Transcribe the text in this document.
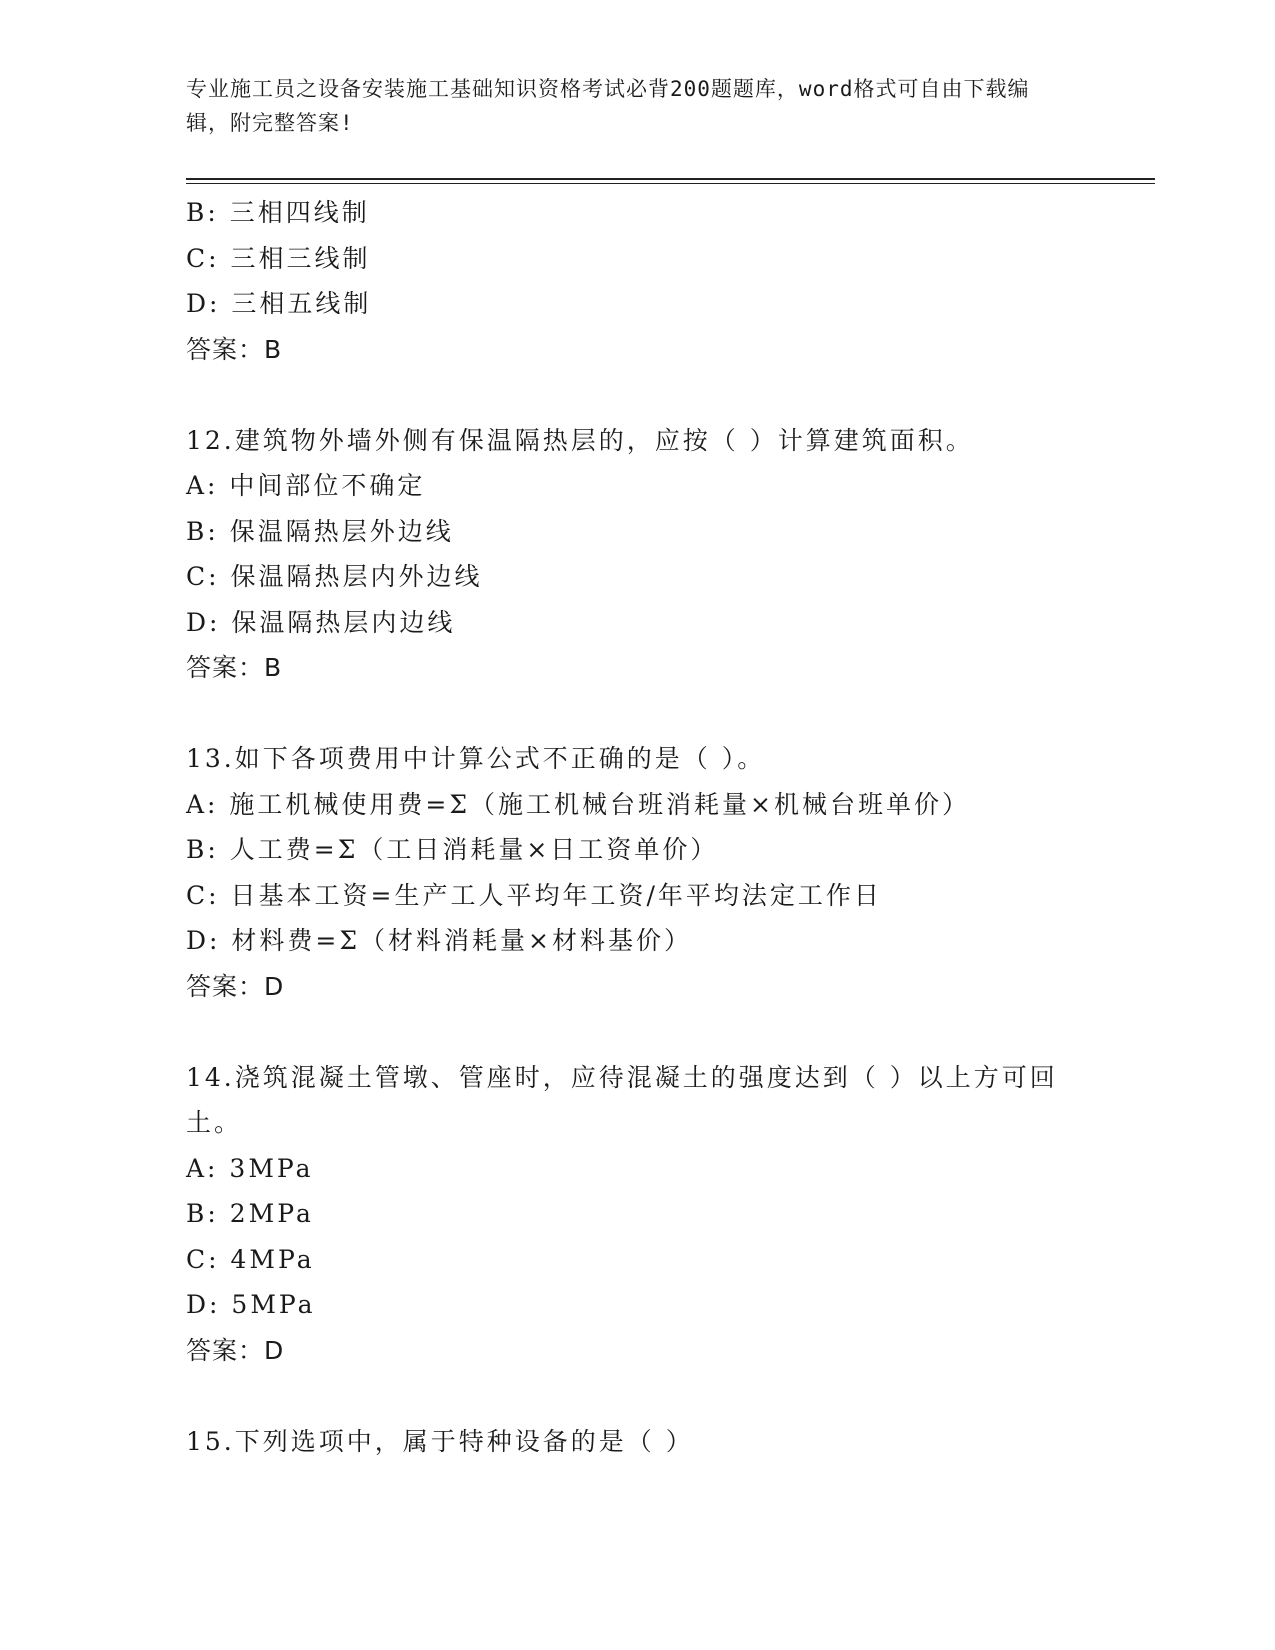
专业施工员之设备安装施工基础知识资格考试必背200题题库，word格式可自由下载编辑，附完整答案!
B: 三相四线制
C: 三相三线制
D: 三相五线制
答案：B
12.建筑物外墙外侧有保温隔热层的，应按（ ）计算建筑面积。
A: 中间部位不确定
B: 保温隔热层外边线
C: 保温隔热层内外边线
D: 保温隔热层内边线
答案：B
13.如下各项费用中计算公式不正确的是（ ）。
A: 施工机械使用费=Σ（施工机械台班消耗量×机械台班单价）
B: 人工费=Σ（工日消耗量×日工资单价）
C: 日基本工资=生产工人平均年工资/年平均法定工作日
D: 材料费=Σ（材料消耗量×材料基价）
答案：D
14.浇筑混凝土管墩、管座时，应待混凝土的强度达到（ ）以上方可回土。
A: 3MPa
B: 2MPa
C: 4MPa
D: 5MPa
答案：D
15.下列选项中，属于特种设备的是（ ）
